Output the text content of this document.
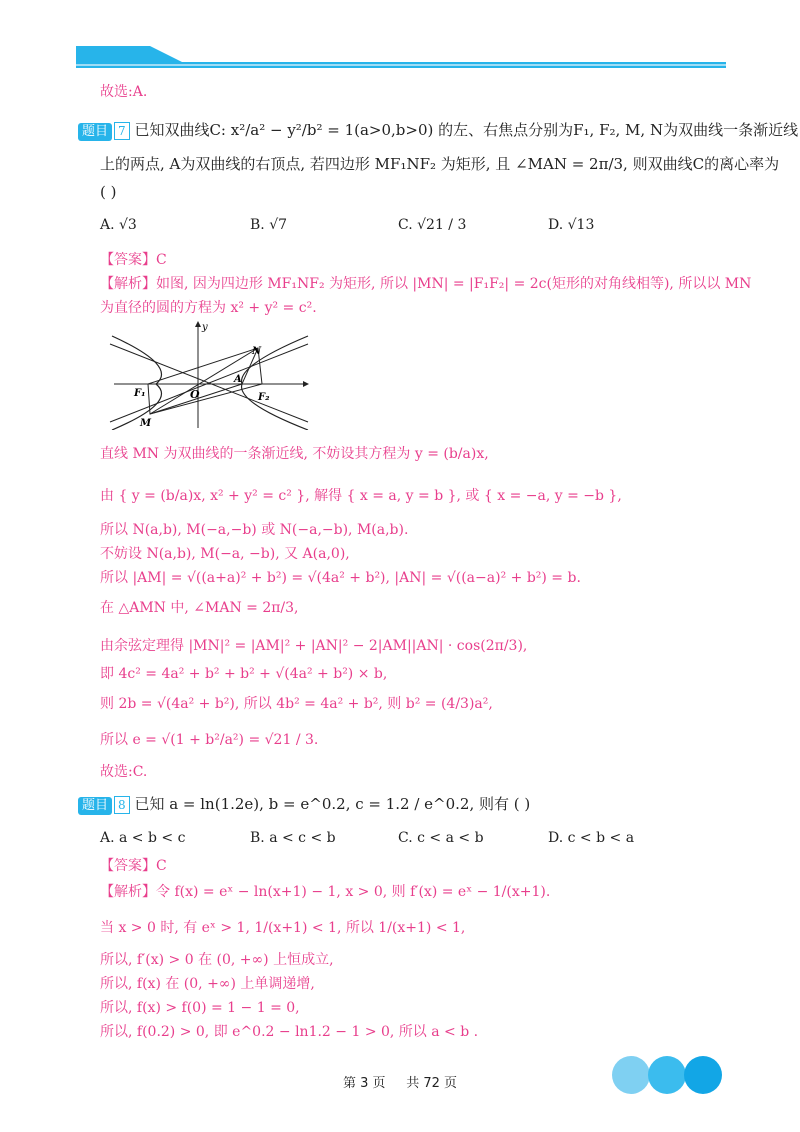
故选:A.
题目 7 已知双曲线C: x²/a² − y²/b² = 1(a>0,b>0) 的左、右焦点分别为F₁, F₂, M, N为双曲线一条渐近线
上的两点, A为双曲线的右顶点, 若四边形 MF₁NF₂ 为矩形, 且 ∠MAN = 2π/3, 则双曲线C的离心率为
( )
A. √3	B. √7	C. √21 / 3	D. √13
【答案】C
【解析】如图, 因为四边形 MF₁NF₂ 为矩形, 所以 |MN| = |F₁F₂| = 2c(矩形的对角线相等), 所以以 MN
为直径的圆的方程为 x² + y² = c².
y
N
A
F₁	O	F₂
M
直线 MN 为双曲线的一条渐近线, 不妨设其方程为 y = (b/a)x,
由 { y = (b/a)x, x² + y² = c² }, 解得 { x = a, y = b }, 或 { x = −a, y = −b },
所以 N(a,b), M(−a,−b) 或 N(−a,−b), M(a,b).
不妨设 N(a,b), M(−a, −b), 又 A(a,0),
所以 |AM| = √((a+a)² + b²) = √(4a² + b²), |AN| = √((a−a)² + b²) = b.
在 △AMN 中, ∠MAN = 2π/3,
由余弦定理得 |MN|² = |AM|² + |AN|² − 2|AM||AN| · cos(2π/3),
即 4c² = 4a² + b² + b² + √(4a² + b²) × b,
则 2b = √(4a² + b²), 所以 4b² = 4a² + b², 则 b² = (4/3)a²,
所以 e = √(1 + b²/a²) = √21 / 3.
故选:C.
题目 8 已知 a = ln(1.2e), b = e^0.2, c = 1.2 / e^0.2, 则有 ( )
A. a < b < c	B. a < c < b	C. c < a < b	D. c < b < a
【答案】C
【解析】令 f(x) = eˣ − ln(x+1) − 1, x > 0, 则 f′(x) = eˣ − 1/(x+1).
当 x > 0 时, 有 eˣ > 1, 1/(x+1) < 1, 所以 1/(x+1) < 1,
所以, f′(x) > 0 在 (0, +∞) 上恒成立,
所以, f(x) 在 (0, +∞) 上单调递增,
所以, f(x) > f(0) = 1 − 1 = 0,
所以, f(0.2) > 0, 即 e^0.2 − ln1.2 − 1 > 0, 所以 a < b .
第 3 页 共 72 页
